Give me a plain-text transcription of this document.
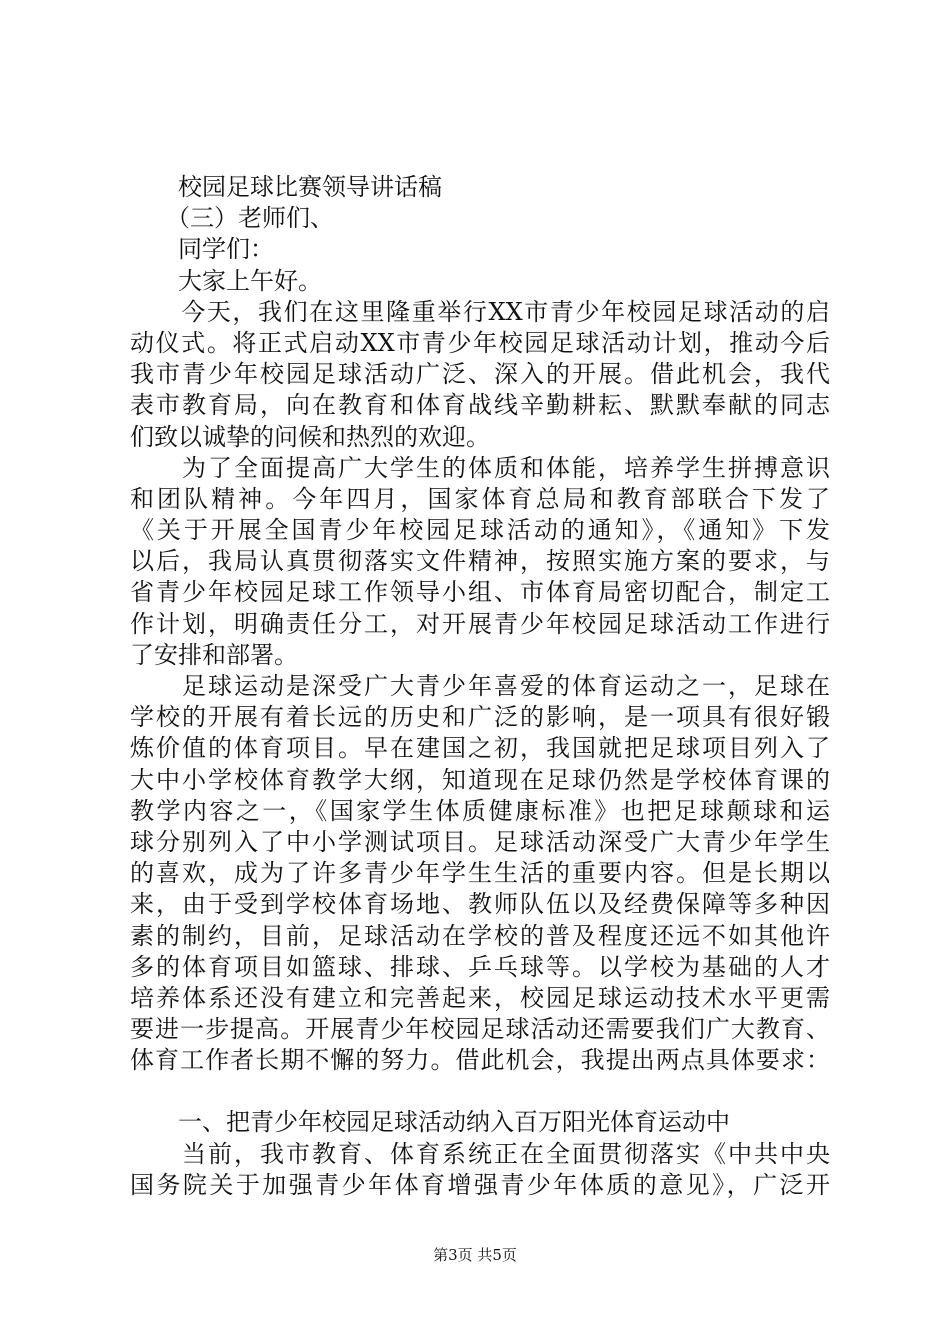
　　校园足球比赛领导讲话稿
　　（三）老师们、
　　同学们：
　　大家上午好。
　　今天，我们在这里隆重举行XX市青少年校园足球活动的启
动仪式。将正式启动XX市青少年校园足球活动计划，推动今后
我市青少年校园足球活动广泛、深入的开展。借此机会，我代
表市教育局，向在教育和体育战线辛勤耕耘、默默奉献的同志
们致以诚挚的问候和热烈的欢迎。
　　为了全面提高广大学生的体质和体能，培养学生拼搏意识
和团队精神。今年四月，国家体育总局和教育部联合下发了
《关于开展全国青少年校园足球活动的通知》，《通知》下发
以后，我局认真贯彻落实文件精神，按照实施方案的要求，与
省青少年校园足球工作领导小组、市体育局密切配合，制定工
作计划，明确责任分工，对开展青少年校园足球活动工作进行
了安排和部署。
　　足球运动是深受广大青少年喜爱的体育运动之一，足球在
学校的开展有着长远的历史和广泛的影响，是一项具有很好锻
炼价值的体育项目。早在建国之初，我国就把足球项目列入了
大中小学校体育教学大纲，知道现在足球仍然是学校体育课的
教学内容之一，《国家学生体质健康标准》也把足球颠球和运
球分别列入了中小学测试项目。足球活动深受广大青少年学生
的喜欢，成为了许多青少年学生生活的重要内容。但是长期以
来，由于受到学校体育场地、教师队伍以及经费保障等多种因
素的制约，目前，足球活动在学校的普及程度还远不如其他许
多的体育项目如篮球、排球、乒乓球等。以学校为基础的人才
培养体系还没有建立和完善起来，校园足球运动技术水平更需
要进一步提高。开展青少年校园足球活动还需要我们广大教育、
体育工作者长期不懈的努力。借此机会，我提出两点具体要求：
　　一、把青少年校园足球活动纳入百万阳光体育运动中
　　当前，我市教育、体育系统正在全面贯彻落实《中共中央
国务院关于加强青少年体育增强青少年体质的意见》，广泛开
第3页 共5页
